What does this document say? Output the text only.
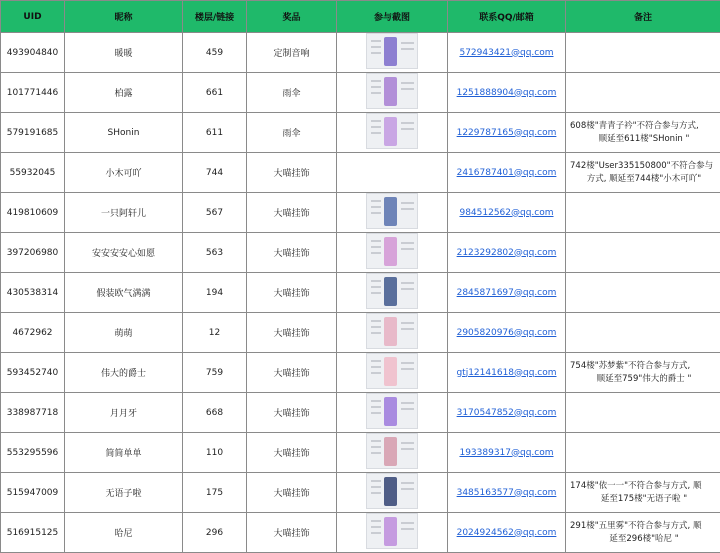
UID	昵称	楼层/链接	奖品	参与截图	联系QQ/邮箱	备注
493904840	暖暖	459	定制音响		572943421@qq.com	

101771446	柏露	661	雨伞		1251888904@qq.com	

579191685	SHonin	611	雨伞		1229787165@qq.com	608楼"青青子衿"不符合参与方式,

顺延至611楼"SHonin "

55932045	小木可吖	744	大喵挂饰		2416787401@qq.com	742楼"User335150800"不符合参与

方式, 顺延至744楼"小木可吖"

419810609	一只阿轩儿	567	大喵挂饰		984512562@qq.com	

397206980	安安安安心如愿	563	大喵挂饰		2123292802@qq.com	

430538314	假装欧气满满	194	大喵挂饰		2845871697@qq.com	

4672962	萌萌	12	大喵挂饰		2905820976@qq.com	

593452740	伟大的爵士	759	大喵挂饰		gtj12141618@qq.com	754楼"苏梦紫"不符合参与方式,

顺延至759"伟大的爵士 "

338987718	月月牙	668	大喵挂饰		3170547852@qq.com	

553295596	简简单单	110	大喵挂饰		193389317@qq.com	

515947009	无语子啦	175	大喵挂饰		3485163577@qq.com	174楼"依一一"不符合参与方式, 顺

延至175楼"无语子啦 "

516915125	哈尼	296	大喵挂饰		2024924562@qq.com	291楼"五里雾"不符合参与方式, 顺

延至296楼"哈尼 "
